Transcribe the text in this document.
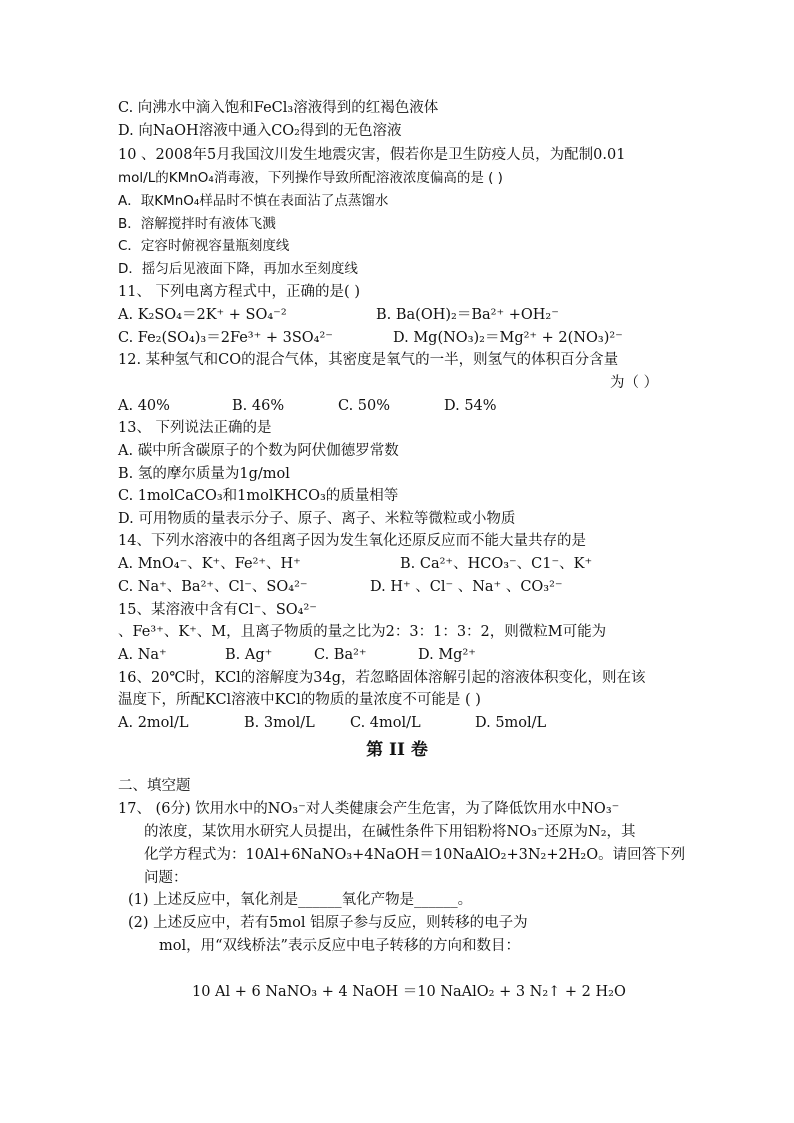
C. 向沸水中滴入饱和FeCl₃溶液得到的红褐色液体
D. 向NaOH溶液中通入CO₂得到的无色溶液
10 、2008年5月我国汶川发生地震灾害，假若你是卫生防疫人员，为配制0.01
mol/L的KMnO₄消毒液，下列操作导致所配溶液浓度偏高的是 ( )
A．取KMnO₄样品时不慎在表面沾了点蒸馏水
B．溶解搅拌时有液体飞溅
C．定容时俯视容量瓶刻度线
D．摇匀后见液面下降，再加水至刻度线
11、 下列电离方程式中，正确的是( )
A. K₂SO₄＝2K⁺ + SO₄⁻²	B. Ba(OH)₂＝Ba²⁺ +OH₂⁻
C. Fe₂(SO₄)₃＝2Fe³⁺ + 3SO₄²⁻	D. Mg(NO₃)₂＝Mg²⁺ + 2(NO₃)²⁻
12. 某种氢气和CO的混合气体，其密度是氧气的一半，则氢气的体积百分含量
为（ ）
A. 40%	B. 46%	C. 50%	D. 54%
13、 下列说法正确的是
A. 碳中所含碳原子的个数为阿伏伽德罗常数
B. 氢的摩尔质量为1g/mol
C. 1molCaCO₃和1molKHCO₃的质量相等
D. 可用物质的量表示分子、原子、离子、米粒等微粒或小物质
14、下列水溶液中的各组离子因为发生氧化还原反应而不能大量共存的是
A. MnO₄⁻、K⁺、Fe²⁺、H⁺	B. Ca²⁺、HCO₃⁻、C1⁻、K⁺
C. Na⁺、Ba²⁺、Cl⁻、SO₄²⁻	D. H⁺ 、Cl⁻ 、Na⁺ 、CO₃²⁻
15、某溶液中含有Cl⁻、SO₄²⁻
、Fe³⁺、K⁺、M，且离子物质的量之比为2：3：1：3：2，则微粒M可能为
A. Na⁺	B. Ag⁺	C. Ba²⁺	D. Mg²⁺
16、20℃时，KCl的溶解度为34g，若忽略固体溶解引起的溶液体积变化，则在该
温度下，所配KCl溶液中KCl的物质的量浓度不可能是 ( )
A. 2mol/L	B. 3mol/L C. 4mol/L	D. 5mol/L
第 II 卷
二、填空题
17、 (6分) 饮用水中的NO₃⁻对人类健康会产生危害，为了降低饮用水中NO₃⁻
的浓度，某饮用水研究人员提出，在碱性条件下用铝粉将NO₃⁻还原为N₂，其
化学方程式为：10Al+6NaNO₃+4NaOH＝10NaAlO₂+3N₂+2H₂O。请回答下列
问题：
(1) 上述反应中，氧化剂是______氧化产物是______。
(2) 上述反应中，若有5mol 铝原子参与反应，则转移的电子为
mol，用“双线桥法”表示反应中电子转移的方向和数目：
10 Al + 6 NaNO₃ + 4 NaOH ＝10 NaAlO₂ + 3 N₂↑ + 2 H₂O
